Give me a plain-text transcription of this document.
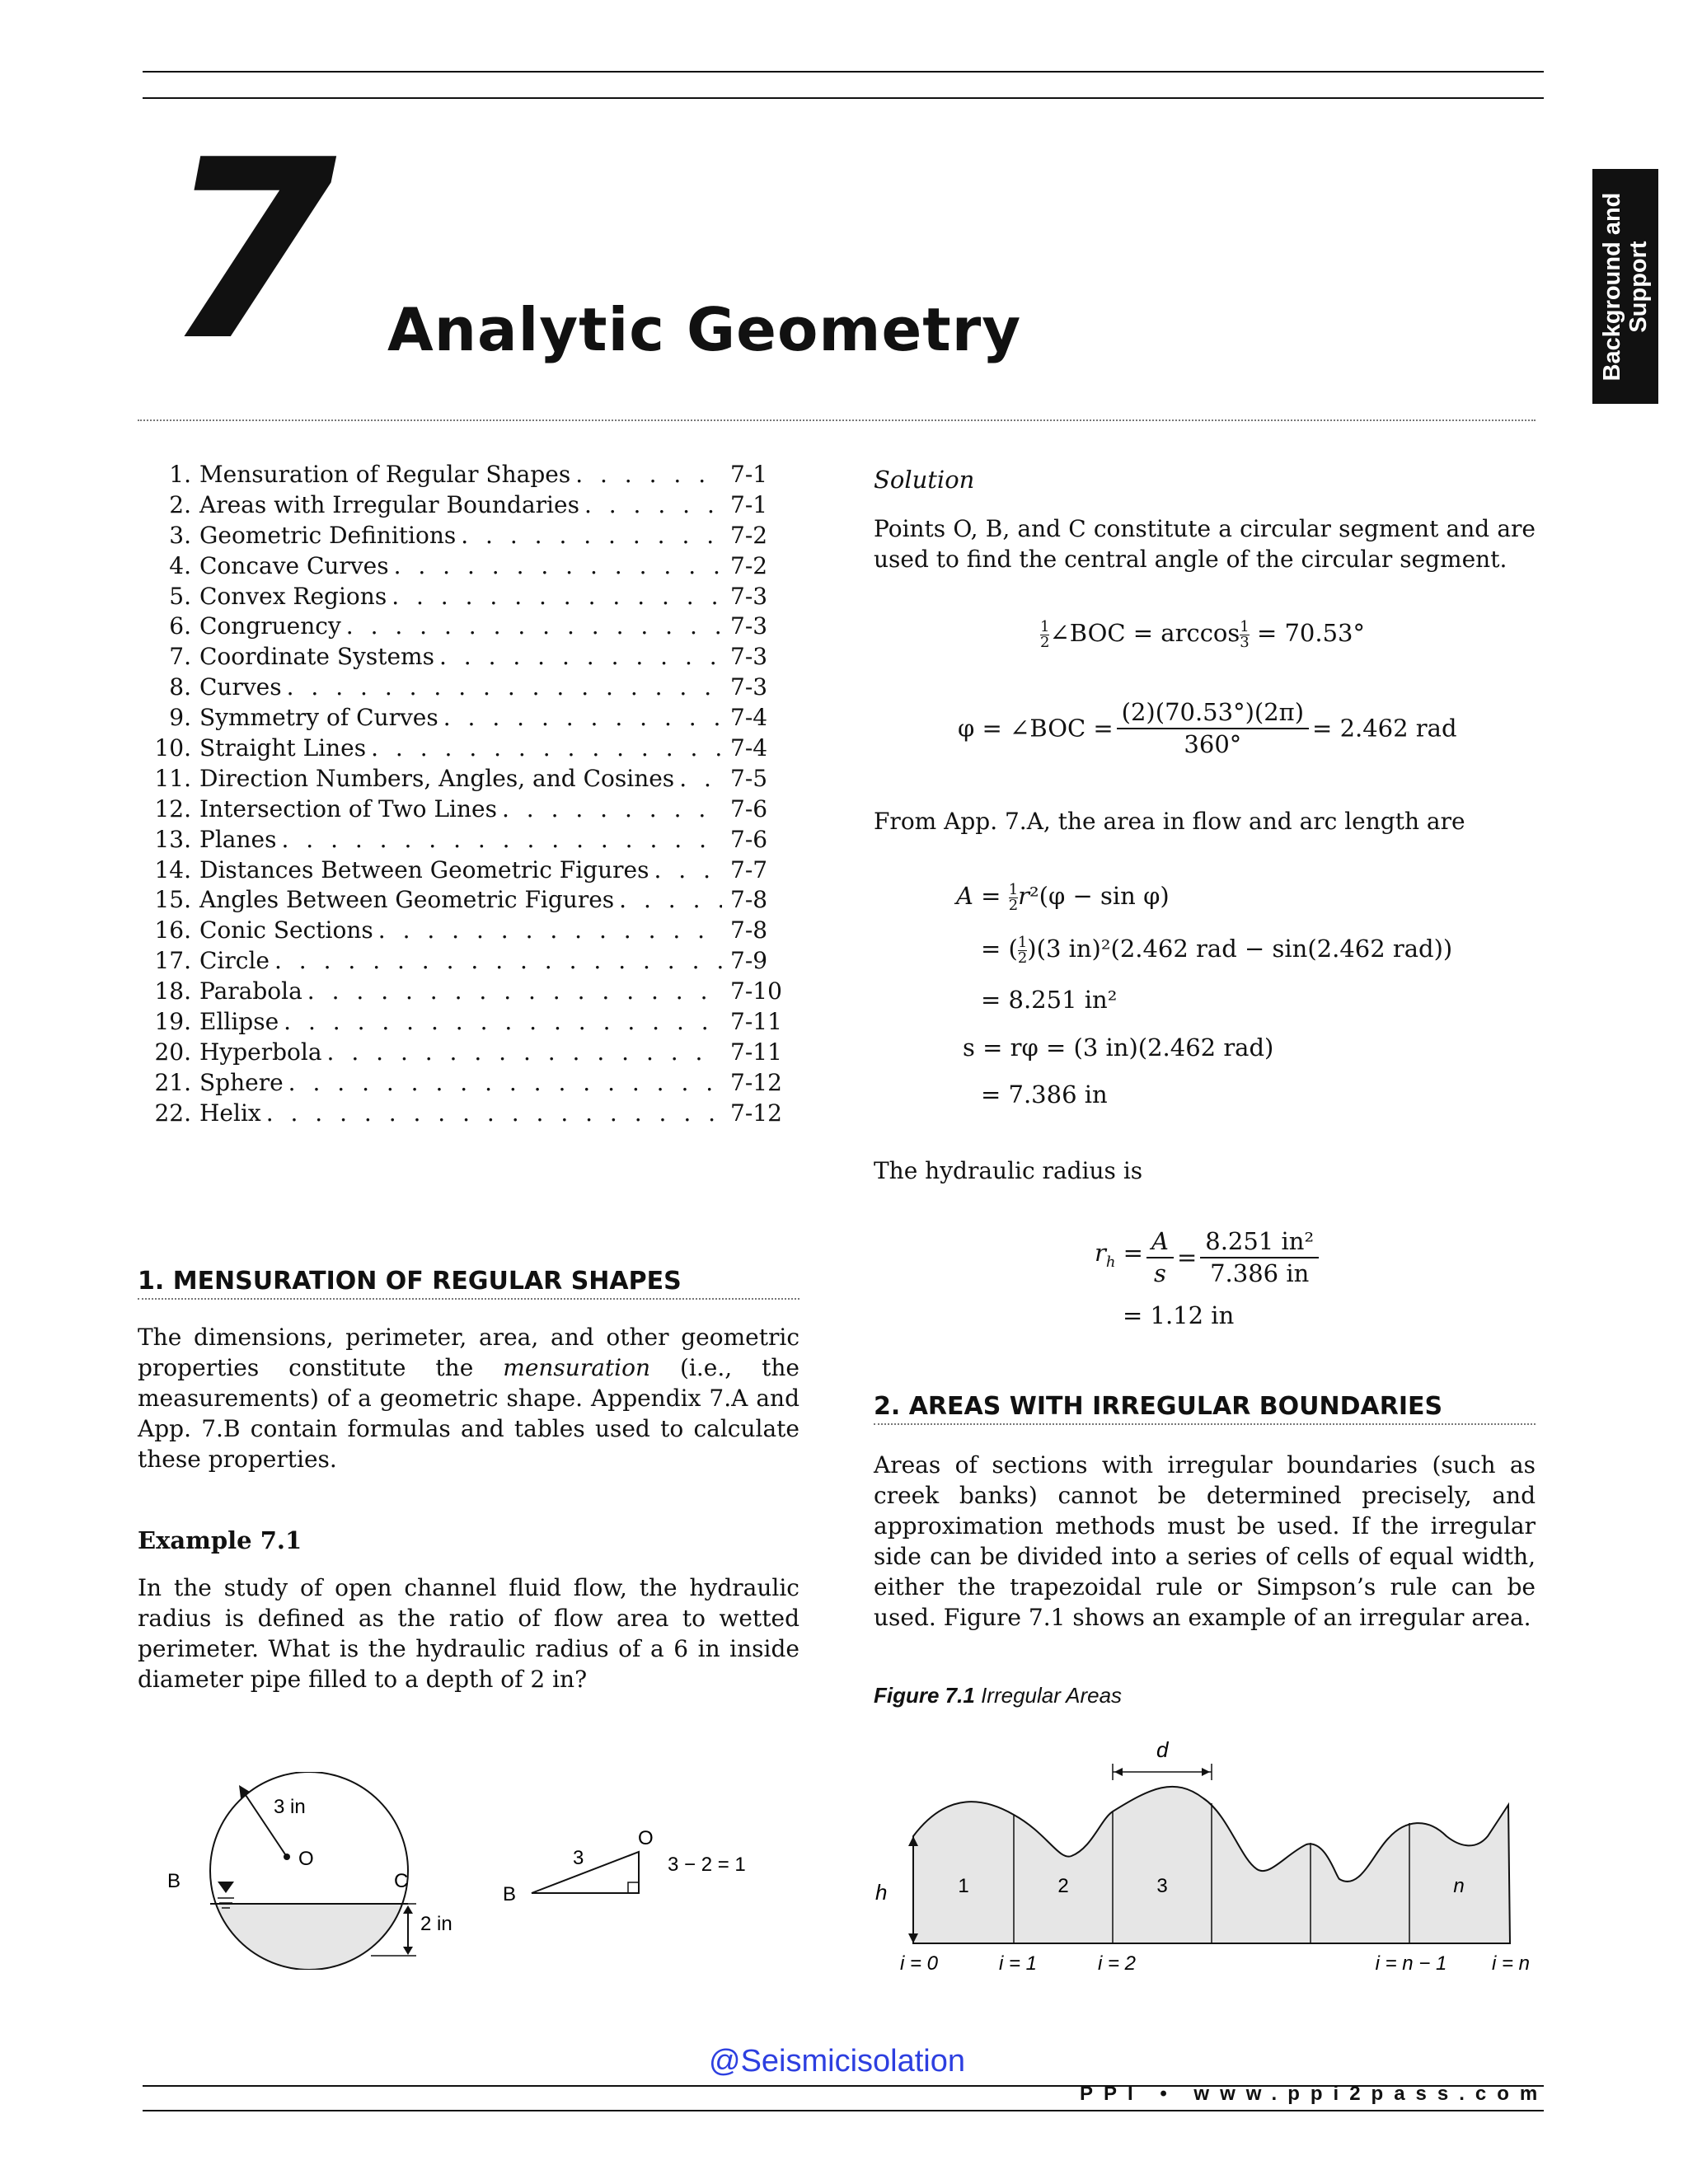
7 Analytic Geometry	Background and Support
1. Mensuration of Regular Shapes . . .	7-1
2. Areas with Irregular Boundaries . . .	7-1
3. Geometric Definitions . . .	7-2
4. Concave Curves . . .	7-2
5. Convex Regions . . .	7-3
6. Congruency . . .	7-3
7. Coordinate Systems . . .	7-3
8. Curves . . .	7-3
9. Symmetry of Curves . . .	7-4
10. Straight Lines . . .	7-4
11. Direction Numbers, Angles, and Cosines . . . 7-5
12. Intersection of Two Lines . . .	7-6
13. Planes . . .	7-6
14. Distances Between Geometric Figures . . .	7-7
15. Angles Between Geometric Figures . . .	7-8
16. Conic Sections . . .	7-8
17. Circle . . .	7-9
18. Parabola . . .	7-10
19. Ellipse . . .	7-11
20. Hyperbola . . .	7-11
21. Sphere . . .	7-12
22. Helix . . .	7-12
1. MENSURATION OF REGULAR SHAPES
The dimensions, perimeter, area, and other geometric properties constitute the mensuration (i.e., the measurements) of a geometric shape. Appendix 7.A and App. 7.B contain formulas and tables used to calculate these properties.
Example 7.1
In the study of open channel fluid flow, the hydraulic radius is defined as the ratio of flow area to wetted perimeter. What is the hydraulic radius of a 6 in inside diameter pipe filled to a depth of 2 in?
3 in
O
B	C
2 in
3
O
B
3 − 2 = 1
Solution
Points O, B, and C constitute a circular segment and are used to find the central angle of the circular segment.
$\frac{1}{2}$ ∠BOC = $\arccos \frac{1}{3} = 70.53^\circ$
φ = ∠BOC = $\frac{(2)(70.53^\circ)(2\pi)}{360^\circ} = 2.462$ rad
From App. 7.A, the area in flow and arc length are
$A = \frac{1}{2} r^2(\varphi - \sin \varphi)$
= ( $\frac{1}{2} )(3$ in)²(2.462 rad − sin(2.462 rad))
= 8.251 in²
s = rφ = (3 in)(2.462 rad)
= 7.386 in
The hydraulic radius is
$r_h = \frac{A}{s} = \frac{\text{8.251 in²}}{7.386 in}$
= 1.12 in
2. AREAS WITH IRREGULAR BOUNDARIES
Areas of sections with irregular boundaries (such as creek banks) cannot be determined precisely, and approximation methods must be used. If the irregular side can be divided into a series of cells of equal width, either the trapezoidal rule or Simpson’s rule can be used. Figure 7.1 shows an example of an irregular area.
Figure 7.1 Irregular Areas
d
h	1	2	3	n
i = 0	i = 1	i = 2	i = n − 1 i = n
@Seismicisolation
PPI • www.ppi2pass.com
